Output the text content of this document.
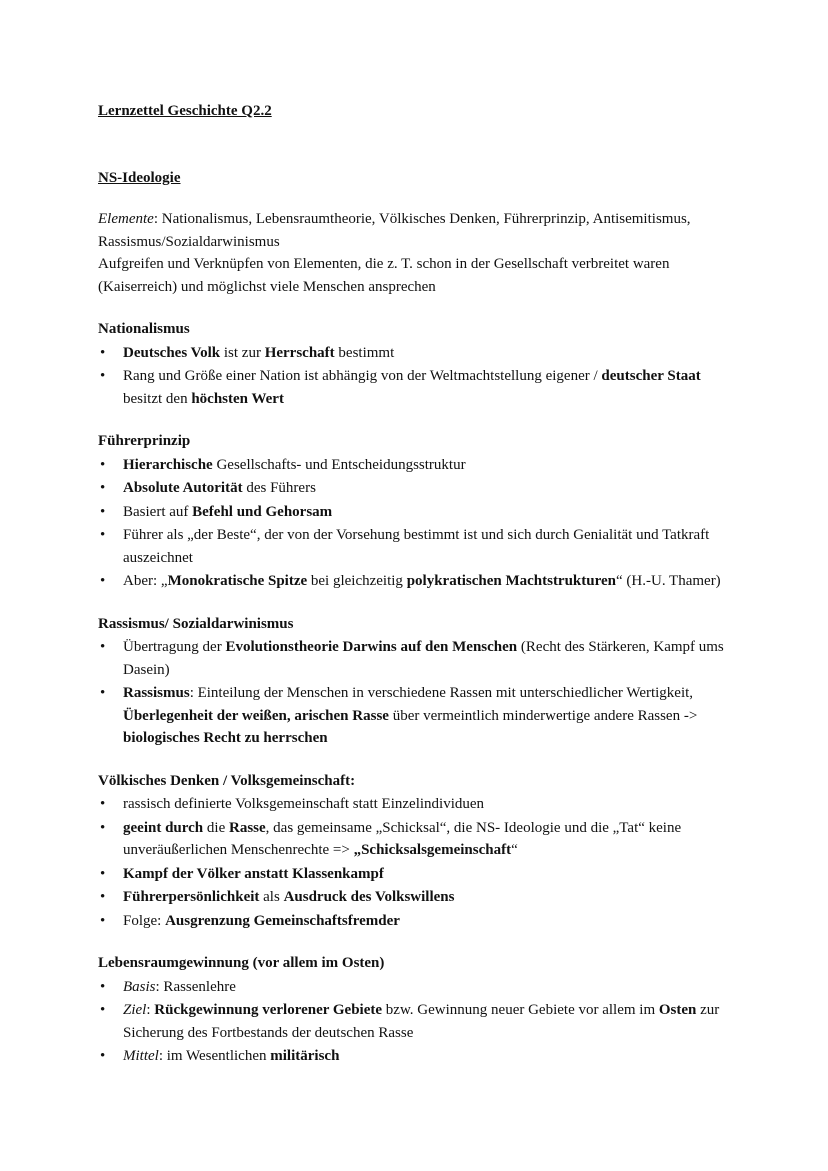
Lernzettel Geschichte Q2.2
NS-Ideologie
Elemente: Nationalismus, Lebensraumtheorie, Völkisches Denken, Führerprinzip, Antisemitismus, Rassismus/Sozialdarwinismus
Aufgreifen und Verknüpfen von Elementen, die z. T. schon in der Gesellschaft verbreitet waren (Kaiserreich) und möglichst viele Menschen ansprechen
Nationalismus
• Deutsches Volk ist zur Herrschaft bestimmt
• Rang und Größe einer Nation ist abhängig von der Weltmachtstellung eigener / deutscher Staat besitzt den höchsten Wert
Führerprinzip
• Hierarchische Gesellschafts- und Entscheidungsstruktur
• Absolute Autorität des Führers
• Basiert auf Befehl und Gehorsam
• Führer als „der Beste“, der von der Vorsehung bestimmt ist und sich durch Genialität und Tatkraft auszeichnet
• Aber: „Monokratische Spitze bei gleichzeitig polykratischen Machtstrukturen“ (H.-U. Thamer)
Rassismus/ Sozialdarwinismus
• Übertragung der Evolutionstheorie Darwins auf den Menschen (Recht des Stärkeren, Kampf ums Dasein)
• Rassismus: Einteilung der Menschen in verschiedene Rassen mit unterschiedlicher Wertigkeit, Überlegenheit der weißen, arischen Rasse über vermeintlich minderwertige andere Rassen -> biologisches Recht zu herrschen
Völkisches Denken / Volksgemeinschaft:
• rassisch definierte Volksgemeinschaft statt Einzelindividuen
• geeint durch die Rasse, das gemeinsame „Schicksal“, die NS- Ideologie und die „Tat“ keine unveräußerlichen Menschenrechte => „Schicksalsgemeinschaft“
• Kampf der Völker anstatt Klassenkampf
• Führerpersönlichkeit als Ausdruck des Volkswillens
• Folge: Ausgrenzung Gemeinschaftsfremder
Lebensraumgewinnung (vor allem im Osten)
• Basis: Rassenlehre
• Ziel: Rückgewinnung verlorener Gebiete bzw. Gewinnung neuer Gebiete vor allem im Osten zur Sicherung des Fortbestands der deutschen Rasse
• Mittel: im Wesentlichen militärisch
